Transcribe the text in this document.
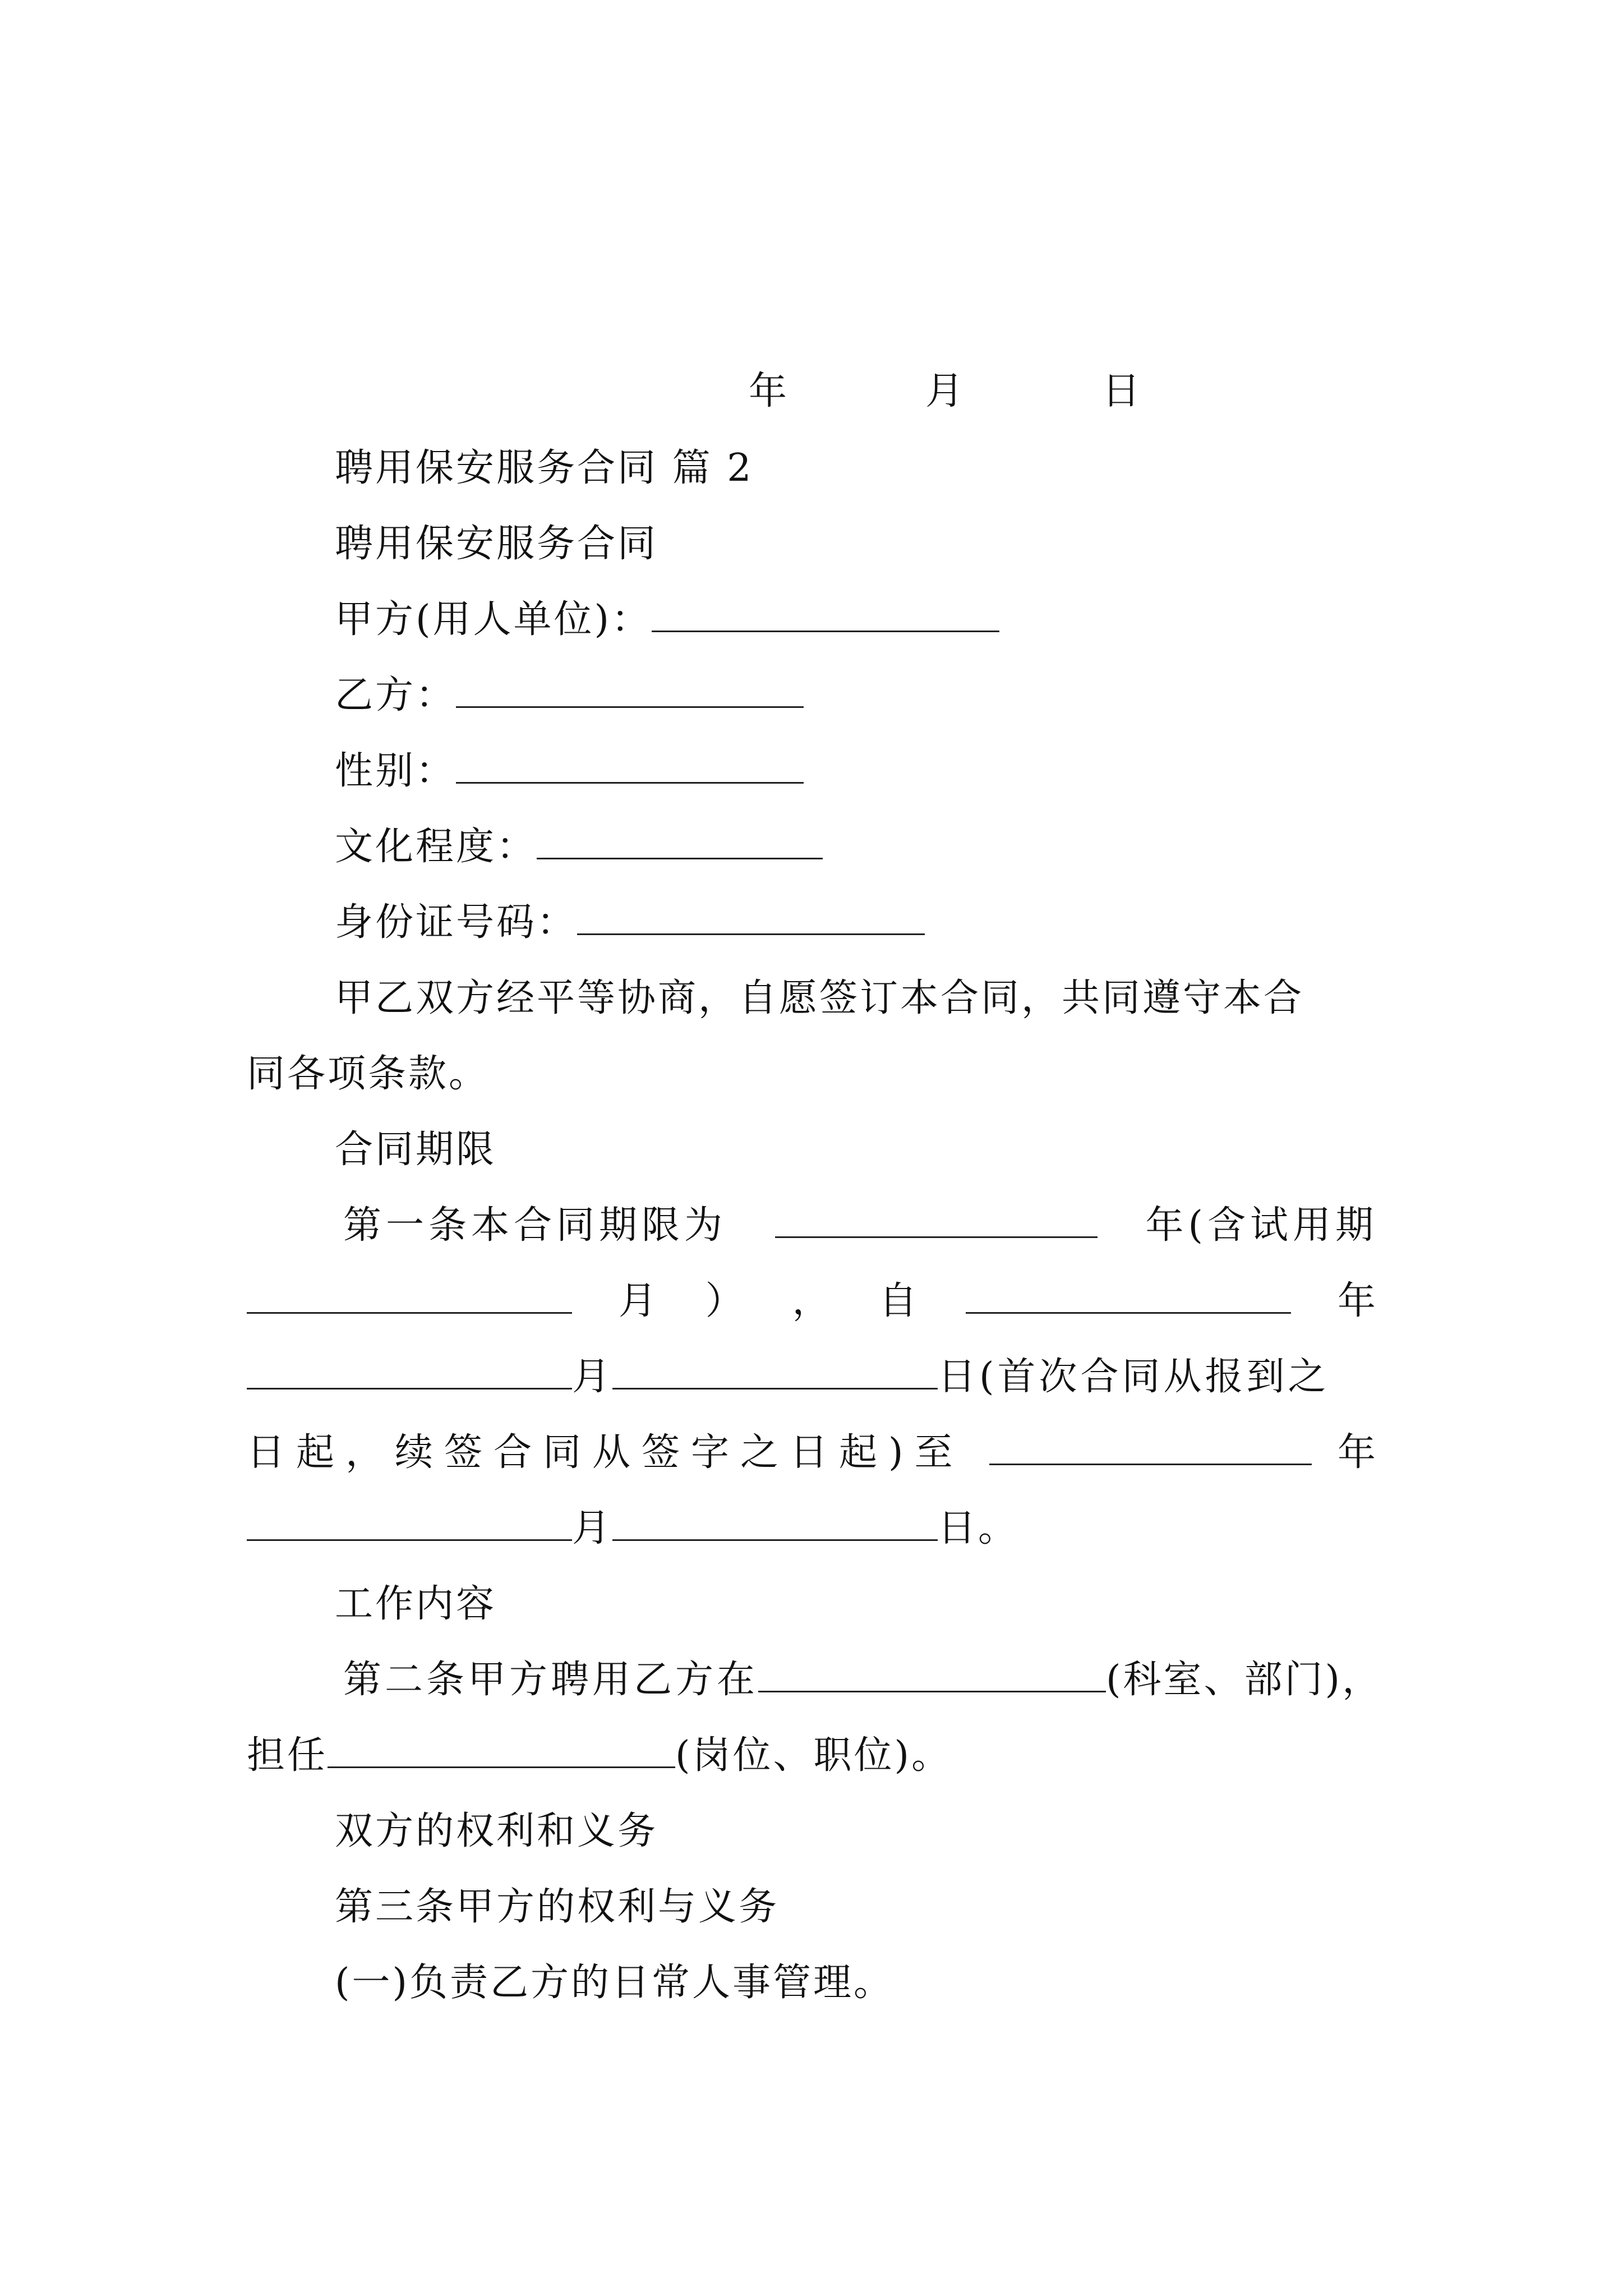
年	月	日
聘用保安服务合同 篇 2
聘用保安服务合同
甲方(用人单位)：
乙方：
性别：
文化程度：
身份证号码：
甲乙双方经平等协商，自愿签订本合同，共同遵守本合
同各项条款。
合同期限
第一条本合同期限为	年(含试用期
月 ） ， 自	年
月	日(首次合同从报到之
日起，续签合同从签字之日起)至	年
月	日。
工作内容
第二条甲方聘用乙方在	(科室、部门)，
担任	(岗位、职位)。
双方的权利和义务
第三条甲方的权利与义务
(一)负责乙方的日常人事管理。
